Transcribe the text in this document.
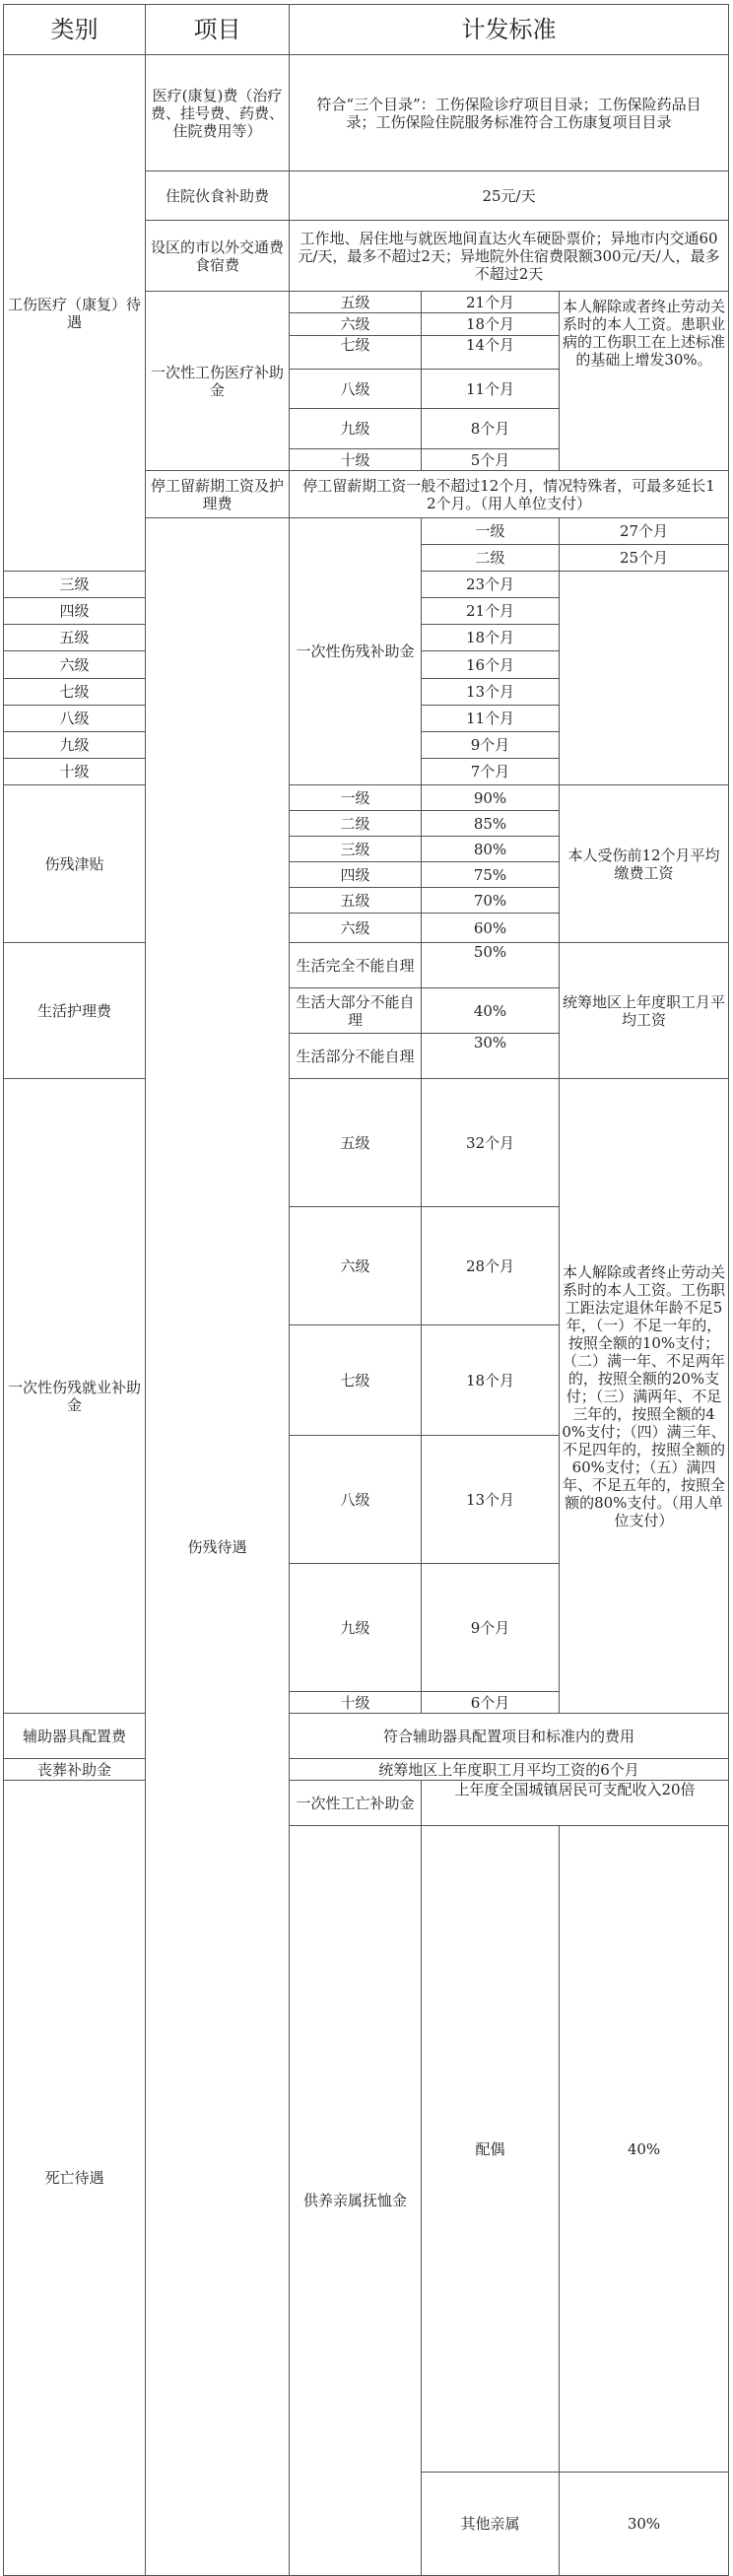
类别	项目	计发标准			
工伤医疗（康复）待遇	医疗(康复)费（治疗费、挂号费、药费、住院费用等）	符合“三个目录”：工伤保险诊疗项目目录；工伤保险药品目录；工伤保险住院服务标准符合工伤康复项目目录			
	住院伙食补助费	25元/天			
	设区的市以外交通费食宿费	工作地、居住地与就医地间直达火车硬卧票价；异地市内交通60元/天，最多不超过2天；异地院外住宿费限额300元/天/人，最多不超过2天			
	一次性工伤医疗补助金	五级	21个月	本人解除或者终止劳动关系时的本人工资。患职业病的工伤职工在上述标准的基础上增发30%。	
		六级	18个月		
		七级	14个月		
		八级	11个月		
		九级	8个月		
		十级	5个月		
	停工留薪期工资及护理费	停工留薪期工资一般不超过12个月，情况特殊者，可最多延长12个月。（用人单位支付）			
	伤残待遇	一次性伤残补助金	一级	27个月	
			二级	25个月	
三级			23个月		
四级			21个月		
五级			18个月		
六级			16个月		
七级			13个月		
八级			11个月		
九级			9个月		
十级			7个月		
伤残津贴		一级	90%	本人受伤前12个月平均缴费工资	
		二级	85%		
		三级	80%		
		四级	75%		
		五级	70%		
		六级	60%		
生活护理费		生活完全不能自理	50%	统筹地区上年度职工月平均工资	
		生活大部分不能自理	40%		
		生活部分不能自理	30%		
一次性伤残就业补助金		五级	32个月	本人解除或者终止劳动关系时的本人工资。工伤职工距法定退休年龄不足5年，（一）不足一年的，按照全额的10%支付；（二）满一年、不足两年的，按照全额的20%支付；（三）满两年、不足三年的，按照全额的40%支付；（四）满三年、不足四年的，按照全额的60%支付；（五）满四年、不足五年的，按照全额的80%支付。（用人单位支付）	
		六级	28个月		
		七级	18个月		
		八级	13个月		
		九级	9个月		
		十级	6个月		
辅助器具配置费		符合辅助器具配置项目和标准内的费用			
丧葬补助金		统筹地区上年度职工月平均工资的6个月			
死亡待遇		一次性工亡补助金	上年度全国城镇居民可支配收入20倍		
		供养亲属抚恤金	配偶	40%	
			其他亲属	30%	
